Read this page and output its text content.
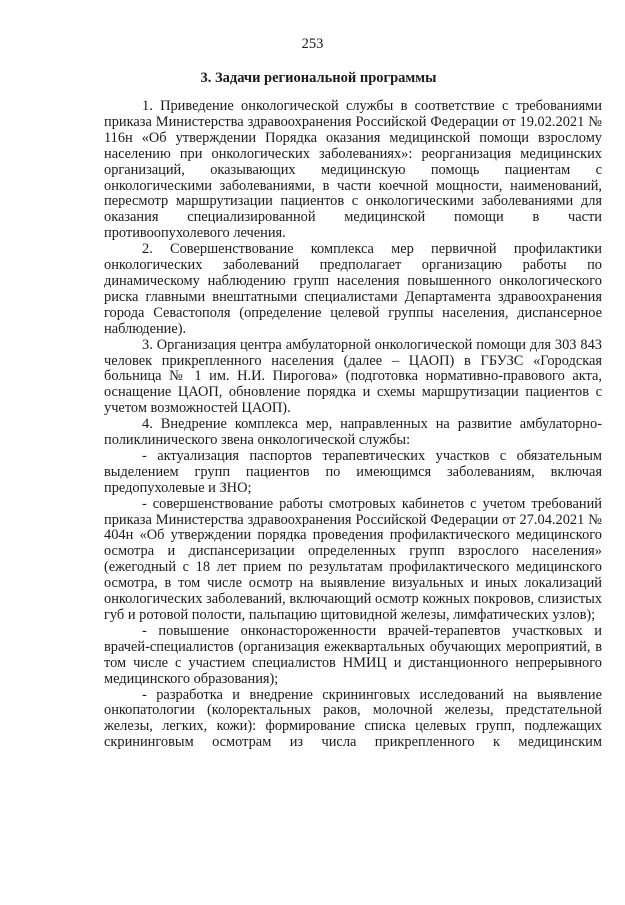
253
3. Задачи региональной программы

1. Приведение онкологической службы в соответствие с требованиями приказа Министерства здравоохранения Российской Федерации от 19.02.2021 № 116н «Об утверждении Порядка оказания медицинской помощи взрослому населению при онкологических заболеваниях»: реорганизация медицинских организаций, оказывающих медицинскую помощь пациентам с онкологическими заболеваниями, в части коечной мощности, наименований, пересмотр маршрутизации пациентов с онкологическими заболеваниями для оказания специализированной медицинской помощи в части противоопухолевого лечения.

2. Совершенствование комплекса мер первичной профилактики онкологических заболеваний предполагает организацию работы по динамическому наблюдению групп населения повышенного онкологического риска главными внештатными специалистами Департамента здравоохранения города Севастополя (определение целевой группы населения, диспансерное наблюдение).

3. Организация центра амбулаторной онкологической помощи для 303 843 человек прикрепленного населения (далее – ЦАОП) в ГБУЗС «Городская больница № 1 им. Н.И. Пирогова» (подготовка нормативно-правового акта, оснащение ЦАОП, обновление порядка и схемы маршрутизации пациентов с учетом возможностей ЦАОП).

4. Внедрение комплекса мер, направленных на развитие амбулаторно-поликлинического звена онкологической службы:

- актуализация паспортов терапевтических участков с обязательным выделением групп пациентов по имеющимся заболеваниям, включая предопухолевые и ЗНО;

- совершенствование работы смотровых кабинетов с учетом требований приказа Министерства здравоохранения Российской Федерации от 27.04.2021 № 404н «Об утверждении порядка проведения профилактического медицинского осмотра и диспансеризации определенных групп взрослого населения» (ежегодный с 18 лет прием по результатам профилактического медицинского осмотра, в том числе осмотр на выявление визуальных и иных локализаций онкологических заболеваний, включающий осмотр кожных покровов, слизистых губ и ротовой полости, пальпацию щитовидной железы, лимфатических узлов);

- повышение онконастороженности врачей-терапевтов участковых и врачей-специалистов (организация ежеквартальных обучающих мероприятий, в том числе с участием специалистов НМИЦ и дистанционного непрерывного медицинского образования);

- разработка и внедрение скрининговых исследований на выявление онкопатологии (колоректальных раков, молочной железы, предстательной железы, легких, кожи): формирование списка целевых групп, подлежащих скрининговым осмотрам из числа прикрепленного к медицинским
